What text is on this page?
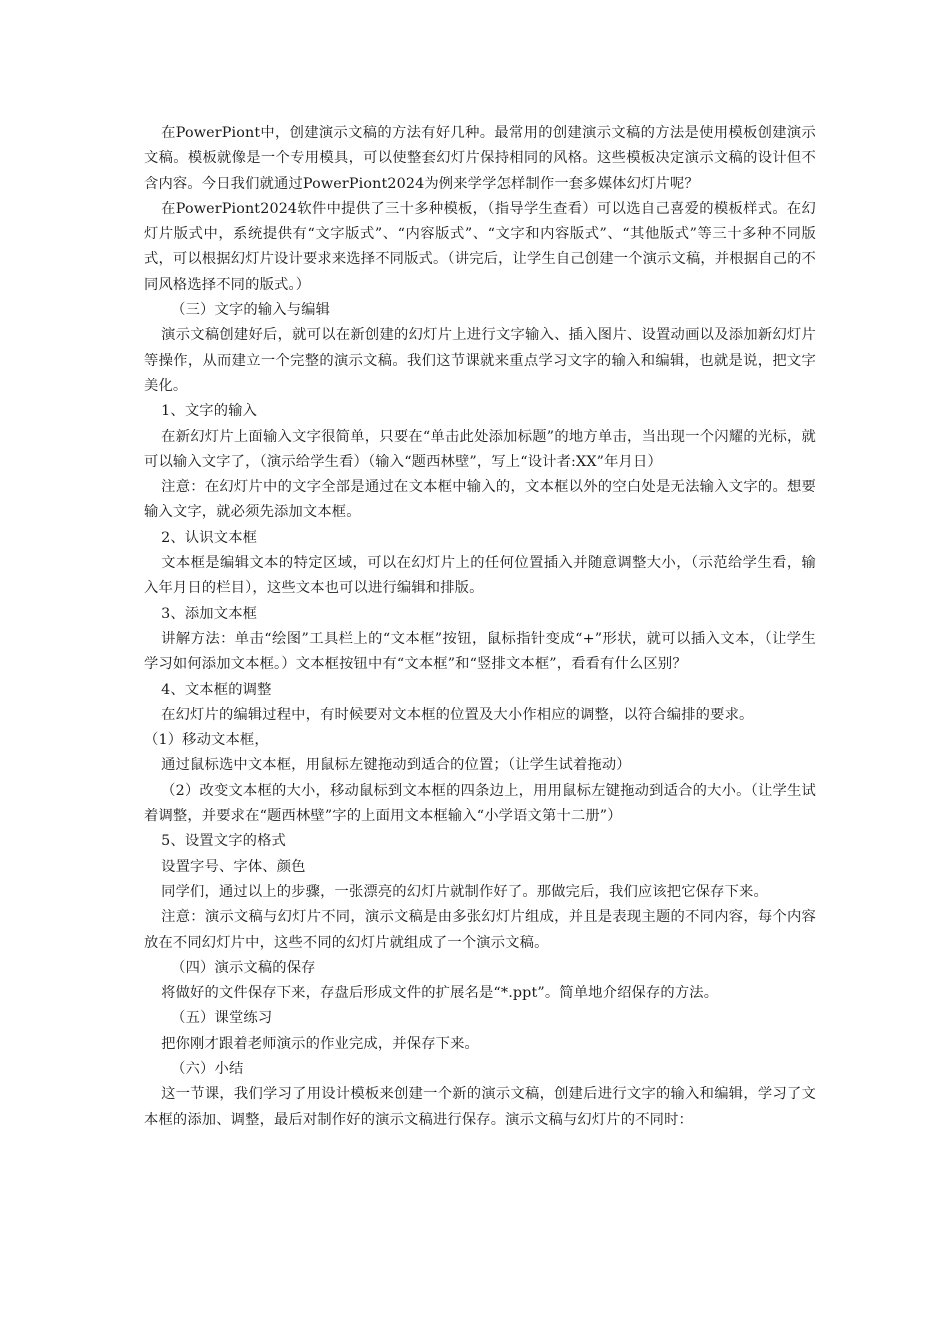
在PowerPiont中，创建演示文稿的方法有好几种。最常用的创建演示文稿的方法是使用模板创建演示文稿。模板就像是一个专用模具，可以使整套幻灯片保持相同的风格。这些模板决定演示文稿的设计但不含内容。今日我们就通过PowerPiont2024为例来学学怎样制作一套多媒体幻灯片呢？

在PowerPiont2024软件中提供了三十多种模板，（指导学生查看）可以选自己喜爱的模板样式。在幻灯片版式中，系统提供有“文字版式”、“内容版式”、“文字和内容版式”、“其他版式”等三十多种不同版式，可以根据幻灯片设计要求来选择不同版式。（讲完后，让学生自己创建一个演示文稿，并根据自己的不同风格选择不同的版式。）

（三）文字的输入与编辑

演示文稿创建好后，就可以在新创建的幻灯片上进行文字输入、插入图片、设置动画以及添加新幻灯片等操作，从而建立一个完整的演示文稿。我们这节课就来重点学习文字的输入和编辑，也就是说，把文字美化。

1、文字的输入

在新幻灯片上面输入文字很简单，只要在“单击此处添加标题”的地方单击，当出现一个闪耀的光标，就可以输入文字了，（演示给学生看）（输入“题西林壁”，写上“设计者:XX”年月日）

注意：在幻灯片中的文字全部是通过在文本框中输入的，文本框以外的空白处是无法输入文字的。想要输入文字，就必须先添加文本框。

2、认识文本框

文本框是编辑文本的特定区域，可以在幻灯片上的任何位置插入并随意调整大小，（示范给学生看，输入年月日的栏目），这些文本也可以进行编辑和排版。

3、添加文本框

讲解方法：单击“绘图”工具栏上的“文本框”按钮，鼠标指针变成“+”形状，就可以插入文本，（让学生学习如何添加文本框。）文本框按钮中有“文本框”和“竖排文本框”，看看有什么区别？

4、文本框的调整

在幻灯片的编辑过程中，有时候要对文本框的位置及大小作相应的调整，以符合编排的要求。

（1）移动文本框，

通过鼠标选中文本框，用鼠标左键拖动到适合的位置；（让学生试着拖动）

（2）改变文本框的大小，移动鼠标到文本框的四条边上，用用鼠标左键拖动到适合的大小。（让学生试着调整，并要求在“题西林壁”字的上面用文本框输入“小学语文第十二册”）

5、设置文字的格式

设置字号、字体、颜色

同学们，通过以上的步骤，一张漂亮的幻灯片就制作好了。那做完后，我们应该把它保存下来。

注意：演示文稿与幻灯片不同，演示文稿是由多张幻灯片组成，并且是表现主题的不同内容，每个内容放在不同幻灯片中，这些不同的幻灯片就组成了一个演示文稿。

（四）演示文稿的保存

将做好的文件保存下来，存盘后形成文件的扩展名是“*.ppt”。简单地介绍保存的方法。

（五）课堂练习

把你刚才跟着老师演示的作业完成，并保存下来。

（六）小结

这一节课，我们学习了用设计模板来创建一个新的演示文稿，创建后进行文字的输入和编辑，学习了文本框的添加、调整，最后对制作好的演示文稿进行保存。演示文稿与幻灯片的不同时：
